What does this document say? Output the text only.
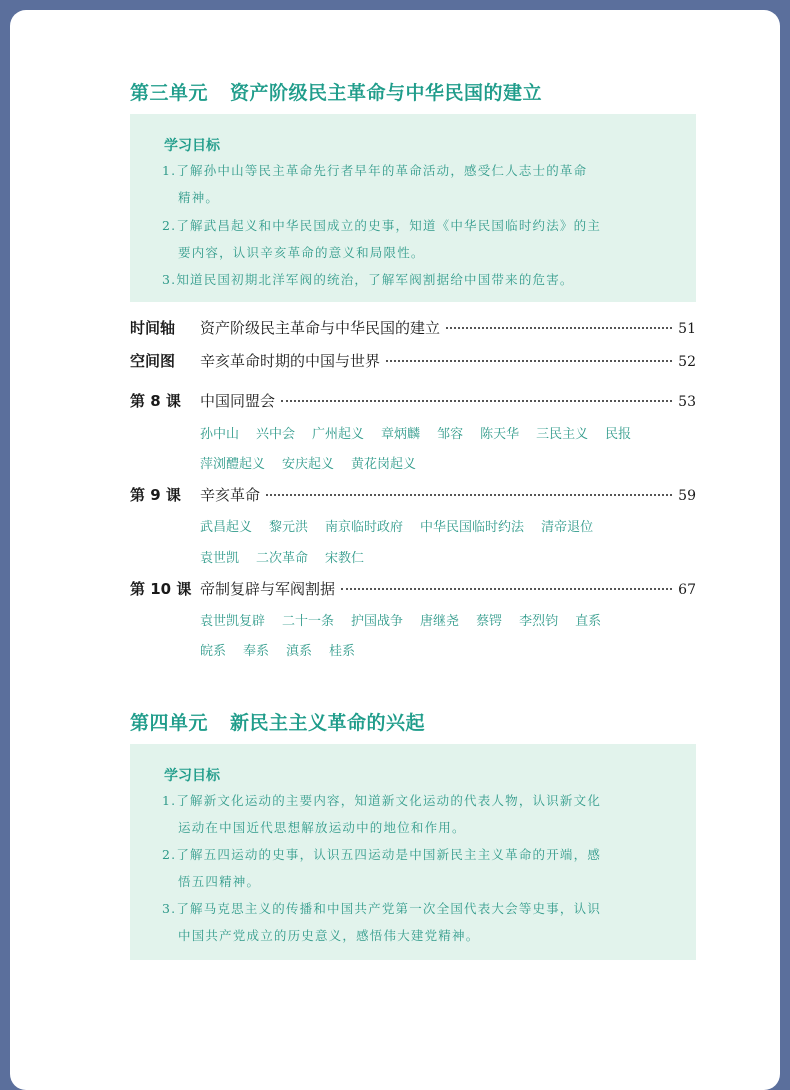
第三单元 资产阶级民主革命与中华民国的建立
学习目标
1.了解孙中山等民主革命先行者早年的革命活动，感受仁人志士的革命
精神。
2.了解武昌起义和中华民国成立的史事，知道《中华民国临时约法》的主
要内容，认识辛亥革命的意义和局限性。
3.知道民国初期北洋军阀的统治，了解军阀割据给中国带来的危害。
时间轴 资产阶级民主革命与中华民国的建立	51
空间图 辛亥革命时期的中国与世界	52
第 8 课 中国同盟会	53
孙中山 兴中会 广州起义 章炳麟 邹容 陈天华 三民主义 民报
萍浏醴起义 安庆起义 黄花岗起义
第 9 课 辛亥革命	59
武昌起义 黎元洪 南京临时政府 中华民国临时约法 清帝退位
袁世凯 二次革命 宋教仁
第 10 课 帝制复辟与军阀割据	67
袁世凯复辟 二十一条 护国战争 唐继尧 蔡锷 李烈钧 直系
皖系 奉系 滇系 桂系
第四单元 新民主主义革命的兴起
学习目标
1.了解新文化运动的主要内容，知道新文化运动的代表人物，认识新文化
运动在中国近代思想解放运动中的地位和作用。
2.了解五四运动的史事，认识五四运动是中国新民主主义革命的开端，感
悟五四精神。
3.了解马克思主义的传播和中国共产党第一次全国代表大会等史事，认识
中国共产党成立的历史意义，感悟伟大建党精神。
